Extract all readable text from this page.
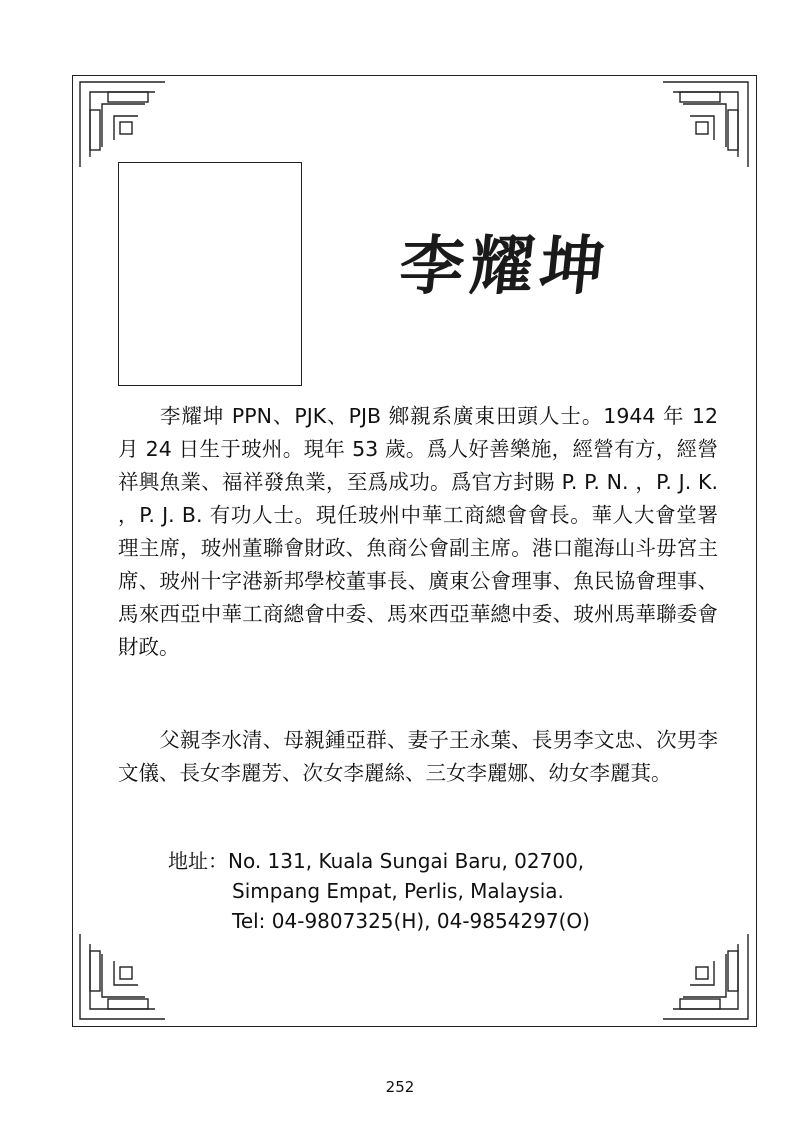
李耀坤

李耀坤 PPN、PJK、PJB 鄉親系廣東田頭人士。1944 年 12 月 24 日生于玻州。現年 53 歲。爲人好善樂施，經營有方，經營祥興魚業、福祥發魚業，至爲成功。爲官方封賜 P. P. N. ，P. J. K. ，P. J. B. 有功人士。現任玻州中華工商總會會長。華人大會堂署理主席，玻州董聯會財政、魚商公會副主席。港口龍海山斗毋宮主席、玻州十字港新邦學校董事長、廣東公會理事、魚民協會理事、馬來西亞中華工商總會中委、馬來西亞華總中委、玻州馬華聯委會財政。

父親李水清、母親鍾亞群、妻子王永葉、長男李文忠、次男李文儀、長女李麗芳、次女李麗絲、三女李麗娜、幼女李麗萁。

地址：No. 131, Kuala Sungai Baru, 02700,
Simpang Empat, Perlis, Malaysia.
Tel: 04-9807325(H), 04-9854297(O)
252
